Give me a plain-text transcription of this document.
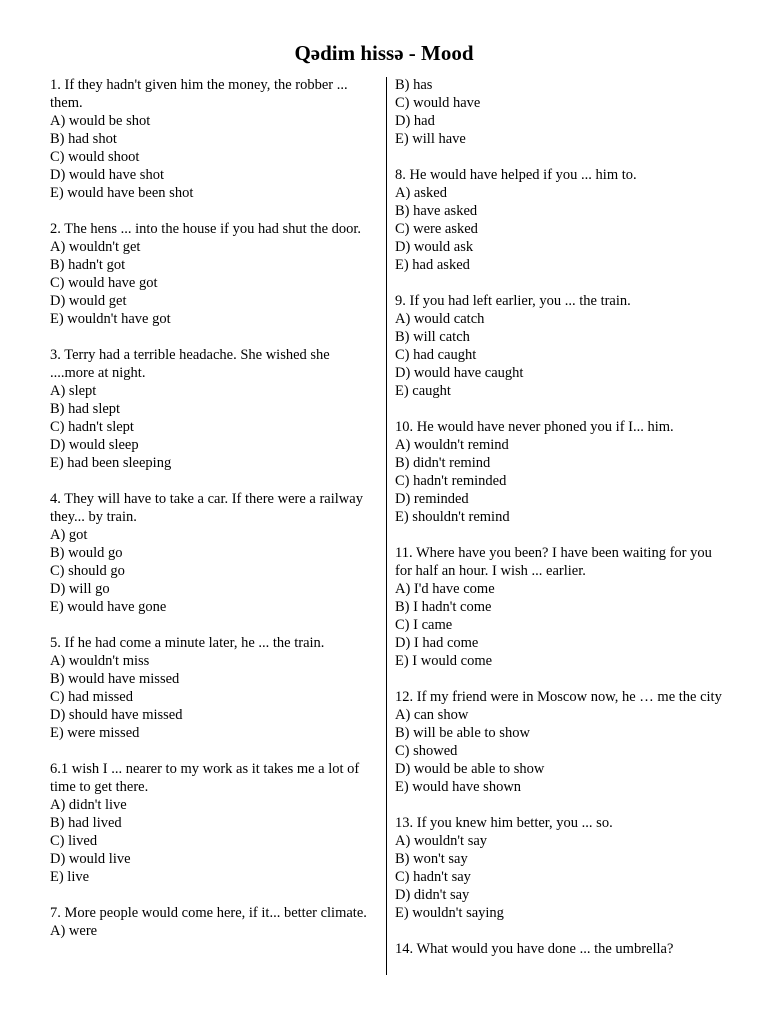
Qədim hissə - Mood
1. If they hadn't given him the money, the robber ... them.
A) would be shot
B) had shot
C) would shoot
D) would have shot
E) would have been shot
2. The hens ... into the house if you had shut the door.
A) wouldn't get
B) hadn't got
C) would have got
D) would get
E) wouldn't have got
3. Terry had a terrible headache. She wished she ....more at night.
A) slept
B) had slept
C) hadn't slept
D) would sleep
E) had been sleeping
4. They will have to take a car. If there were a railway they... by train.
A) got
B) would go
C) should go
D) will go
E) would have gone
5. If he had come a minute later, he ... the train.
A) wouldn't miss
B) would have missed
C) had missed
D) should have missed
E) were missed
6.1 wish I ... nearer to my work as it takes me a lot of time to get there.
A) didn't live
B) had lived
C) lived
D) would live
E) live
7. More people would come here, if it... better climate.
A) were
B) has
C) would have
D) had
E) will have
8. He would have helped if you ... him to.
A) asked
B) have asked
C) were asked
D) would ask
E) had asked
9. If you had left earlier, you ... the train.
A) would catch
B) will catch
C) had caught
D) would have caught
E) caught
10. He would have never phoned you if I... him.
A) wouldn't remind
B) didn't remind
C) hadn't reminded
D) reminded
E) shouldn't remind
11. Where have you been? I have been waiting for you for half an hour. I wish ... earlier.
A) I'd have come
B) I hadn't come
C) I came
D) I had come
E) I would come
12. If my friend were in Moscow now, he … me the city
A) can show
B) will be able to show
C) showed
D) would be able to show
E) would have shown
13. If you knew him better, you ... so.
A) wouldn't say
B) won't say
C) hadn't say
D) didn't say
E) wouldn't saying
14. What would you have done ... the umbrella?
